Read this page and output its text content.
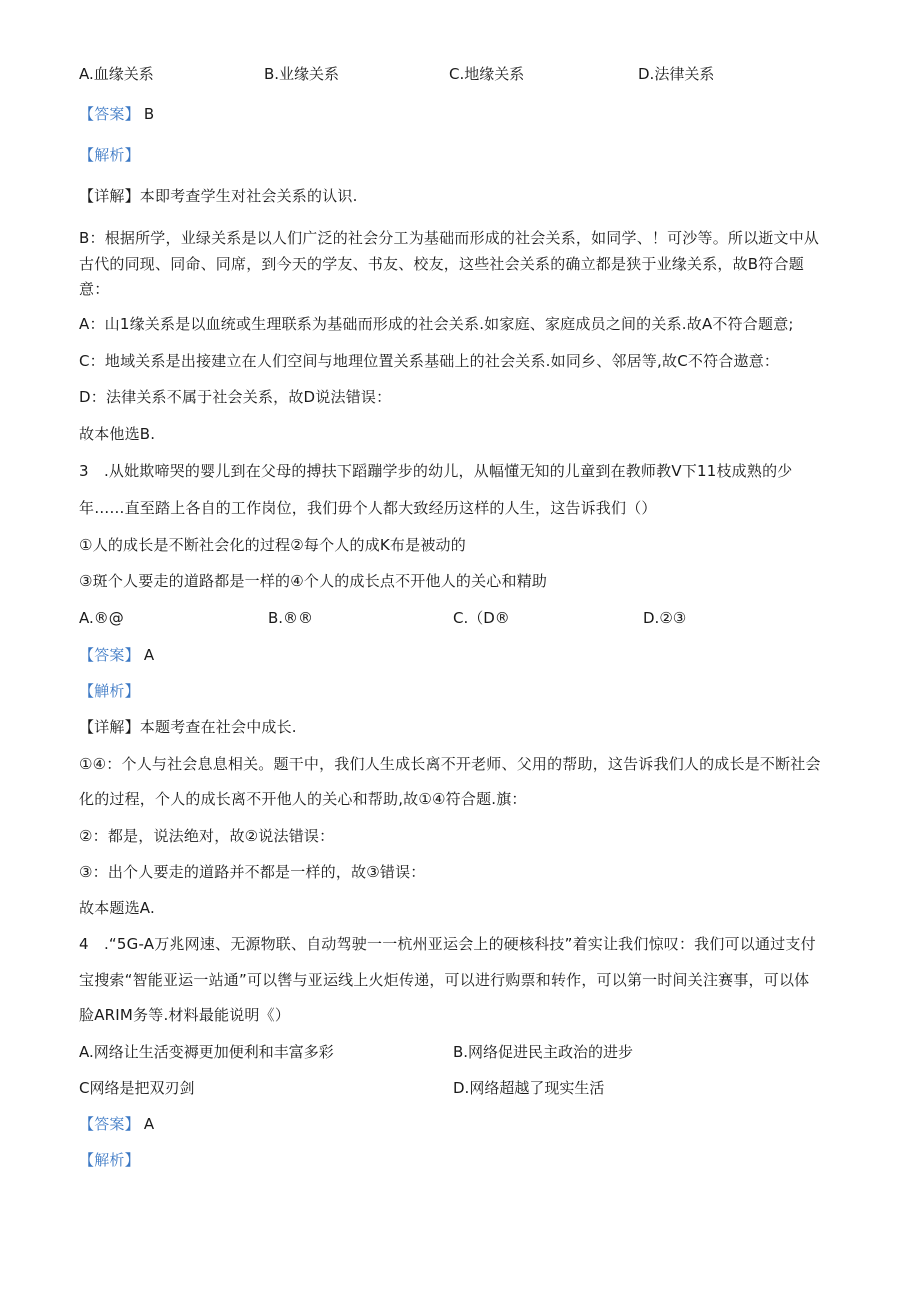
A.血缘关系	B.业缘关系	C.地缘关系	D.法律关系
【答案】 B
【解析】
【详解】本即考查学生对社会关系的认识.
B：根据所学，业绿关系是以人们广泛的社会分工为基础而形成的社会关系，如同学、！可沙等。所以逝文中从
古代的同现、同命、同席，到今天的学友、书友、校友，这些社会关系的确立都是狭于业缘关系，故B符合题
意：
A：山1缘关系是以血统或生理联系为基础而形成的社会关系.如家庭、家庭成员之间的关系.故A不符合题意;
C：地域关系是出接建立在人们空间与地理位置关系基础上的社会关系.如同乡、邻居等,故C不符合遨意：
D：法律关系不属于社会关系，故D说法错误：
故本他选B.
3　.从妣欺啼哭的婴儿到在父母的搏扶下蹈蹦学步的幼儿，从幅懂无知的儿童到在教师教V下11枝成熟的少
年……直至踏上各自的工作岗位，我们毋个人都大致经历这样的人生，这告诉我们（）
①人的成长是不断社会化的过程②每个人的成K布是被动的
③斑个人要走的道路都是一样的④个人的成长点不开他人的关心和精助
A.®@	B.®®	C.（D®	D.②③
【答案】 A
【觯析】
【详解】本题考查在社会中成长.
①④：个人与社会息息相关。题干中，我们人生成长离不开老师、父用的帮助，这告诉我们人的成长是不断社会
化的过程，个人的成长离不开他人的关心和帮助,故①④符合题.旗：
②：都是，说法绝对，故②说法错误：
③：出个人要走的道路并不都是一样的，故③错误：
故本题选A.
4　.“5G-A万兆网速、无源物联、自动驾驶一一杭州亚运会上的硬核科技”着实让我们惊叹：我们可以通过支付
宝搜索“智能亚运一站通”可以辔与亚运线上火炬传递，可以进行购票和转作，可以第一时间关注赛事，可以体
脸ARIM务等.材料最能说明《）
A.网络让生活变褥更加便利和丰富多彩	B.网络促进民主政治的进步
C网络是把双刃剑	D.网络超越了现实生活
【答案】 A
【解析】
